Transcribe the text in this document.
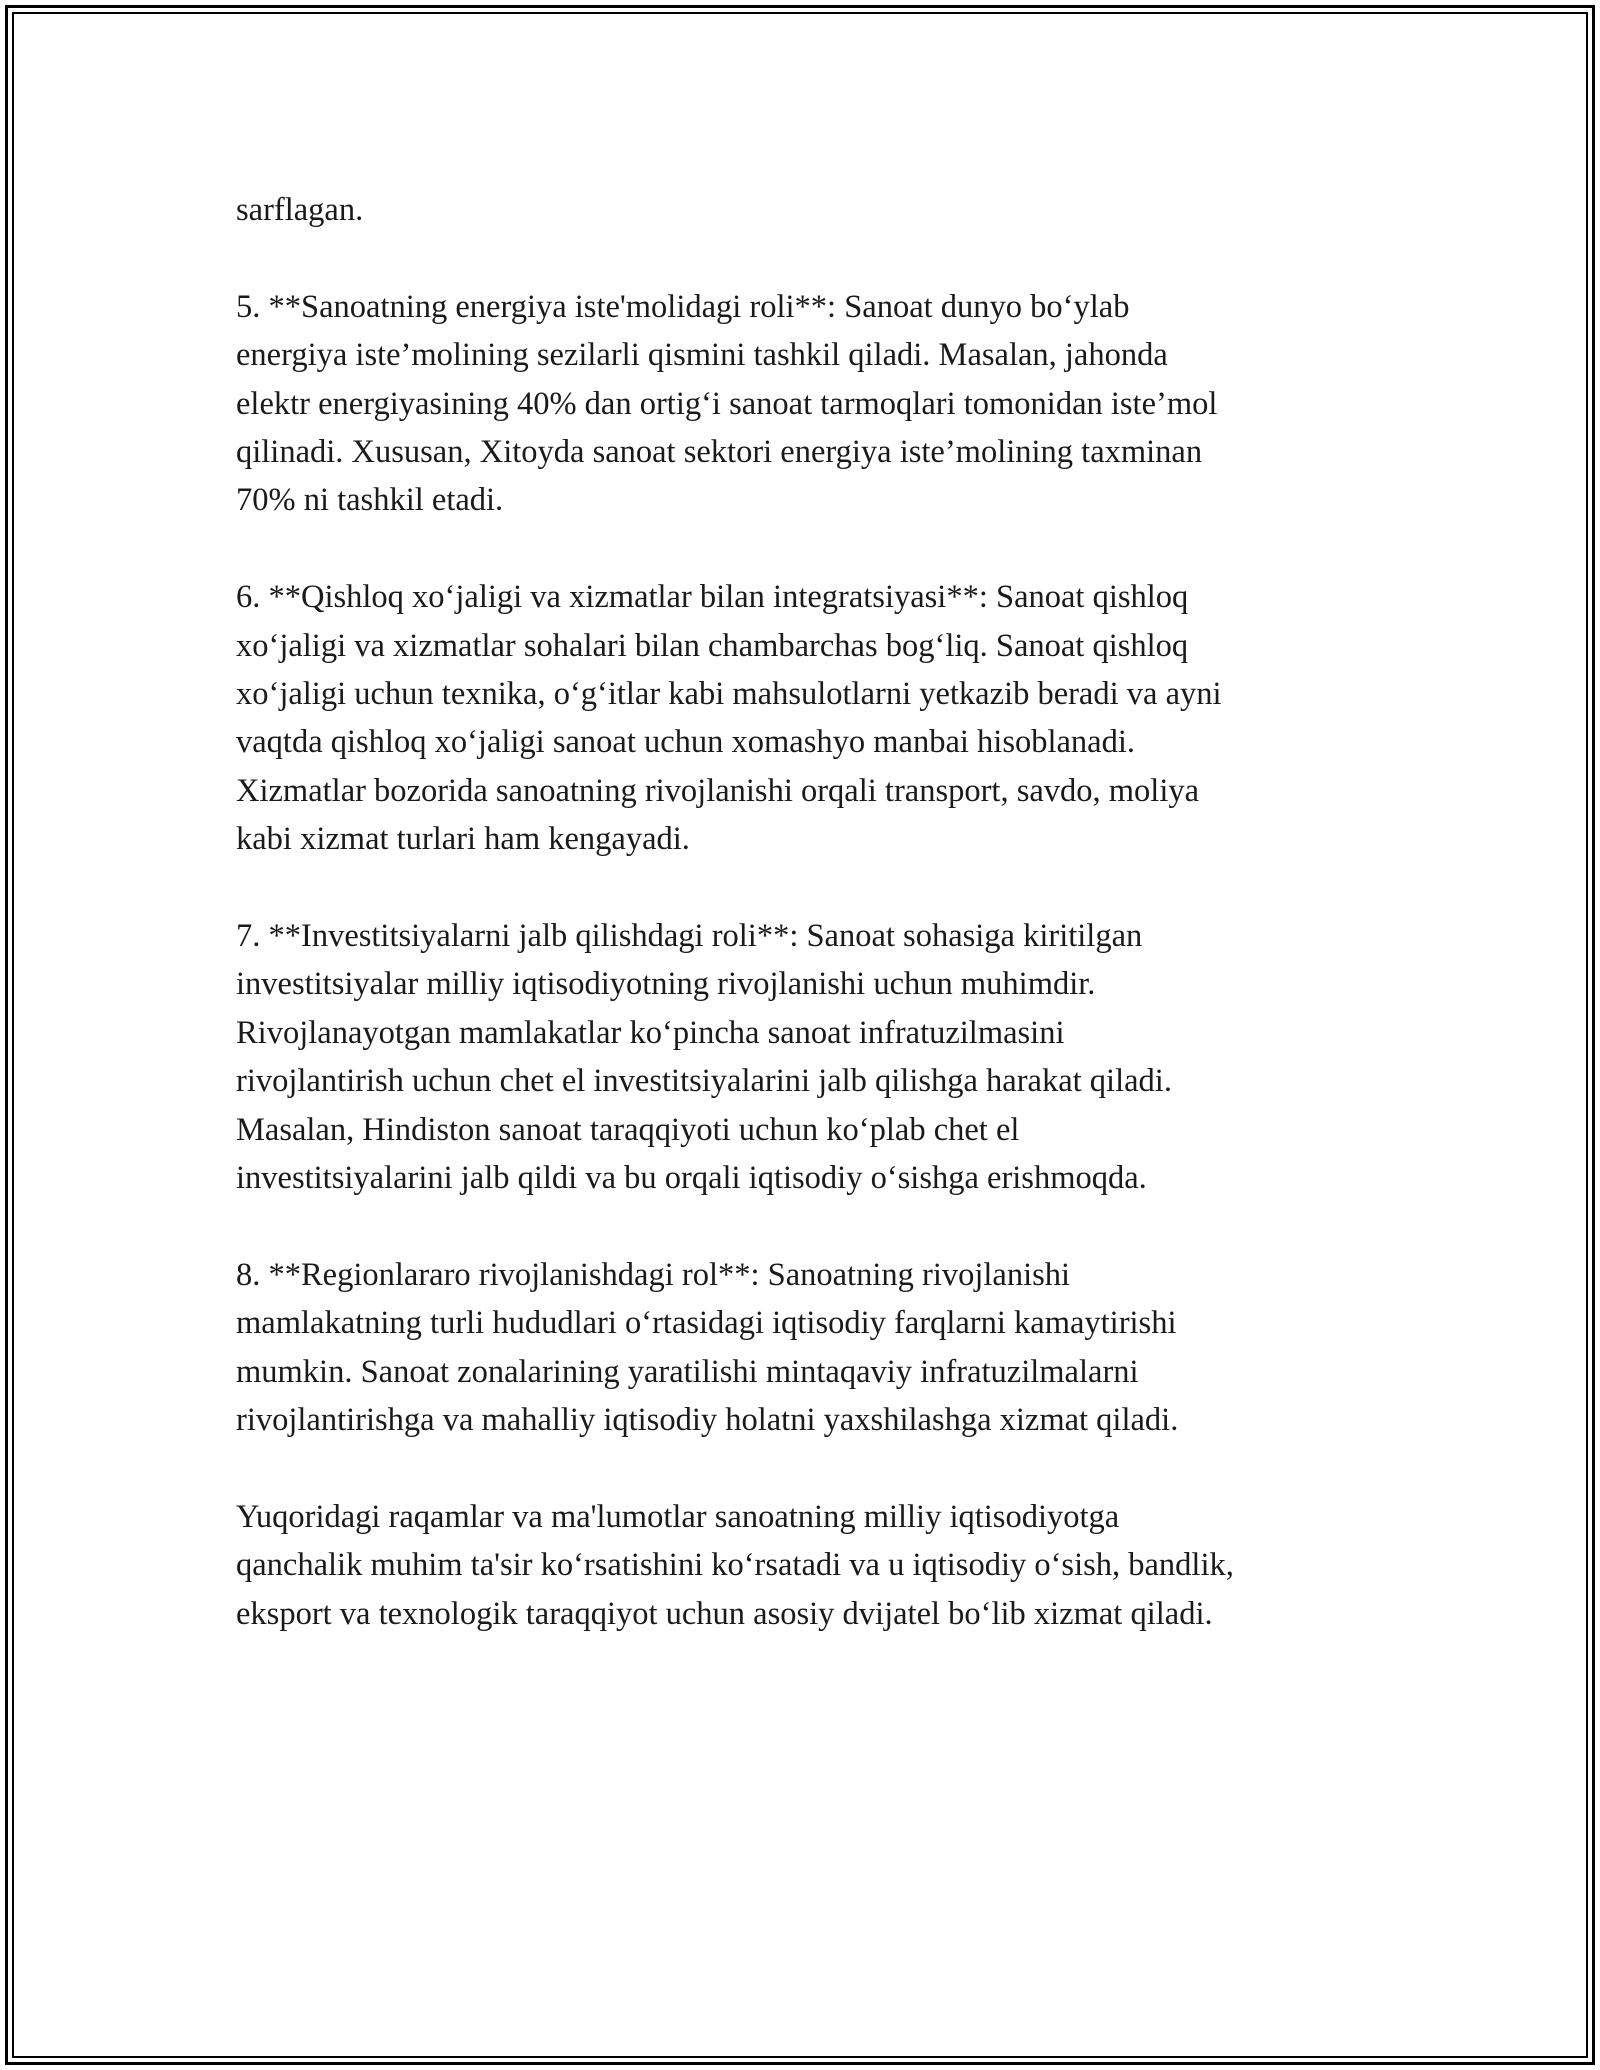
sarflagan.

5. **Sanoatning energiya iste'molidagi roli**: Sanoat dunyo bo‘ylab
energiya iste’molining sezilarli qismini tashkil qiladi. Masalan, jahonda
elektr energiyasining 40% dan ortig‘i sanoat tarmoqlari tomonidan iste’mol
qilinadi. Xususan, Xitoyda sanoat sektori energiya iste’molining taxminan
70% ni tashkil etadi.

6. **Qishloq xo‘jaligi va xizmatlar bilan integratsiyasi**: Sanoat qishloq
xo‘jaligi va xizmatlar sohalari bilan chambarchas bog‘liq. Sanoat qishloq
xo‘jaligi uchun texnika, o‘g‘itlar kabi mahsulotlarni yetkazib beradi va ayni
vaqtda qishloq xo‘jaligi sanoat uchun xomashyo manbai hisoblanadi.
Xizmatlar bozorida sanoatning rivojlanishi orqali transport, savdo, moliya
kabi xizmat turlari ham kengayadi.

7. **Investitsiyalarni jalb qilishdagi roli**: Sanoat sohasiga kiritilgan
investitsiyalar milliy iqtisodiyotning rivojlanishi uchun muhimdir.
Rivojlanayotgan mamlakatlar ko‘pincha sanoat infratuzilmasini
rivojlantirish uchun chet el investitsiyalarini jalb qilishga harakat qiladi.
Masalan, Hindiston sanoat taraqqiyoti uchun ko‘plab chet el
investitsiyalarini jalb qildi va bu orqali iqtisodiy o‘sishga erishmoqda.

8. **Regionlararo rivojlanishdagi rol**: Sanoatning rivojlanishi
mamlakatning turli hududlari o‘rtasidagi iqtisodiy farqlarni kamaytirishi
mumkin. Sanoat zonalarining yaratilishi mintaqaviy infratuzilmalarni
rivojlantirishga va mahalliy iqtisodiy holatni yaxshilashga xizmat qiladi.

Yuqoridagi raqamlar va ma'lumotlar sanoatning milliy iqtisodiyotga
qanchalik muhim ta'sir ko‘rsatishini ko‘rsatadi va u iqtisodiy o‘sish, bandlik,
eksport va texnologik taraqqiyot uchun asosiy dvijatel bo‘lib xizmat qiladi.
